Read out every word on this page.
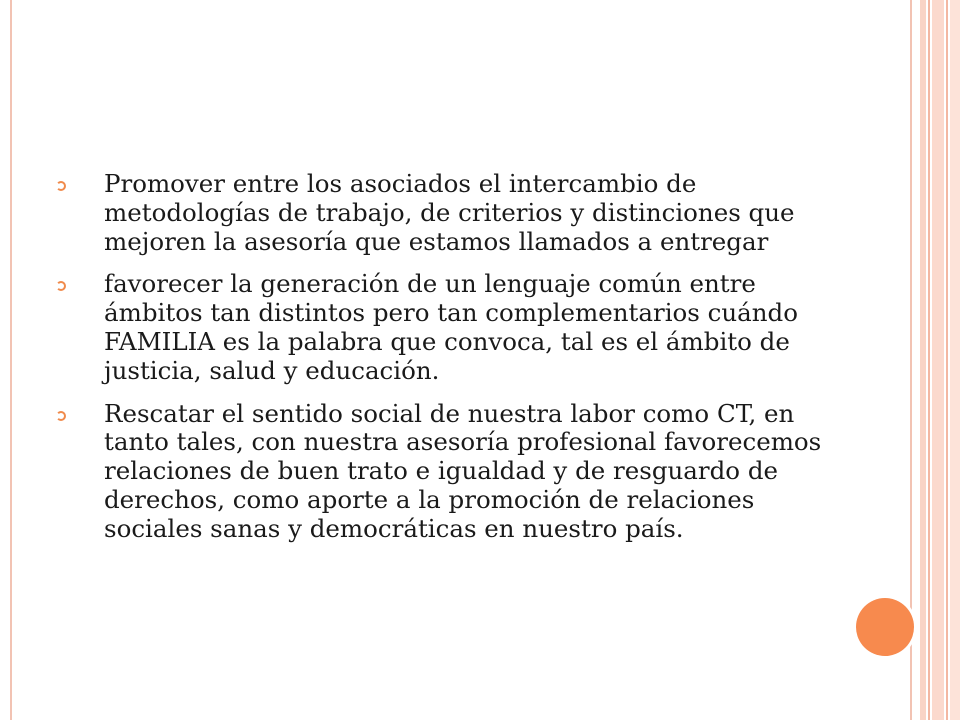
Promover entre los asociados el intercambio de metodologías de trabajo, de criterios y distinciones que mejoren la asesoría que estamos llamados a entregar
favorecer la generación de un lenguaje común entre ámbitos tan distintos pero tan complementarios cuándo FAMILIA es la palabra que convoca, tal es el ámbito de justicia, salud y educación.
Rescatar el sentido social de nuestra labor como CT, en tanto tales, con nuestra asesoría profesional favorecemos relaciones de buen trato e igualdad y de resguardo de derechos, como aporte a la promoción de relaciones sociales sanas y democráticas en nuestro país.
